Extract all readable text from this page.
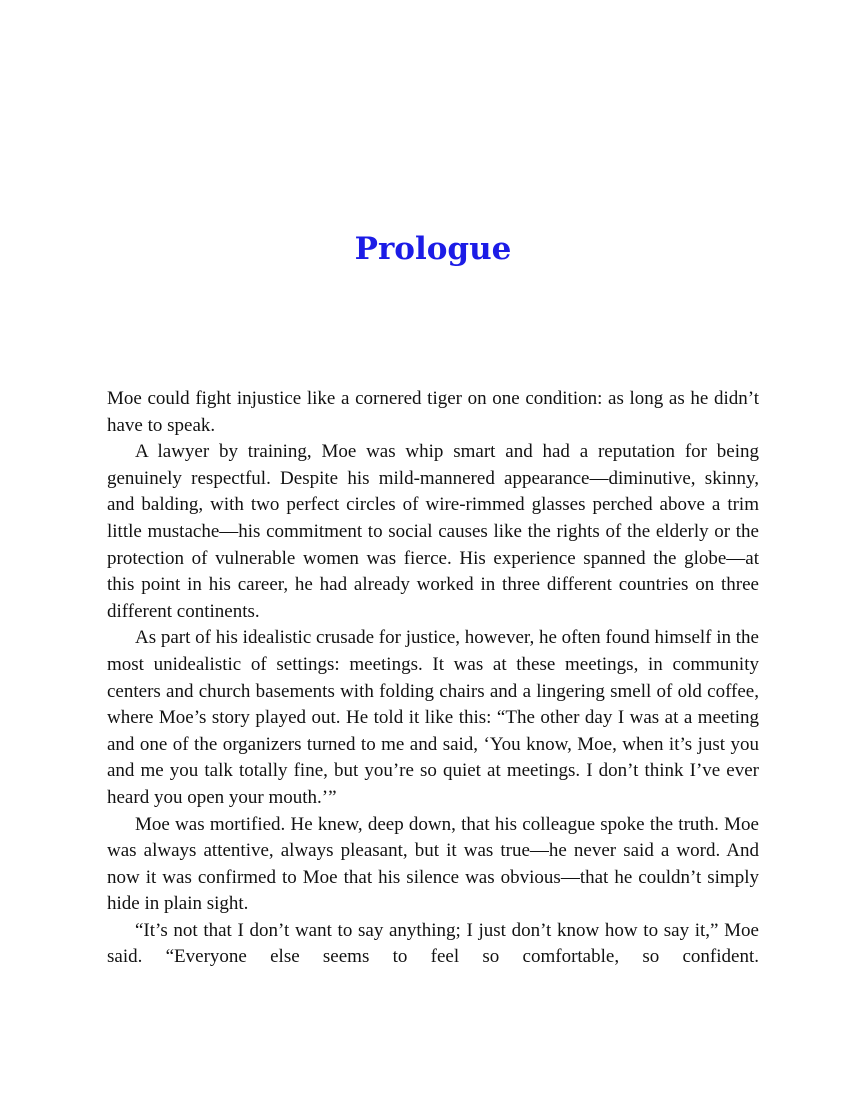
Prologue

Moe could fight injustice like a cornered tiger on one condition: as long as he didn’t have to speak.

A lawyer by training, Moe was whip smart and had a reputation for being genuinely respectful. Despite his mild-mannered appearance—diminutive, skinny, and balding, with two perfect circles of wire-rimmed glasses perched above a trim little mustache—his commitment to social causes like the rights of the elderly or the protection of vulnerable women was fierce. His experience spanned the globe—at this point in his career, he had already worked in three different countries on three different continents.

As part of his idealistic crusade for justice, however, he often found himself in the most unidealistic of settings: meetings. It was at these meetings, in community centers and church basements with folding chairs and a lingering smell of old coffee, where Moe’s story played out. He told it like this: “The other day I was at a meeting and one of the organizers turned to me and said, ‘You know, Moe, when it’s just you and me you talk totally fine, but you’re so quiet at meetings. I don’t think I’ve ever heard you open your mouth.’”

Moe was mortified. He knew, deep down, that his colleague spoke the truth. Moe was always attentive, always pleasant, but it was true—he never said a word. And now it was confirmed to Moe that his silence was obvious—that he couldn’t simply hide in plain sight.

“It’s not that I don’t want to say anything; I just don’t know how to say it,” Moe said. “Everyone else seems to feel so comfortable, so confident.
